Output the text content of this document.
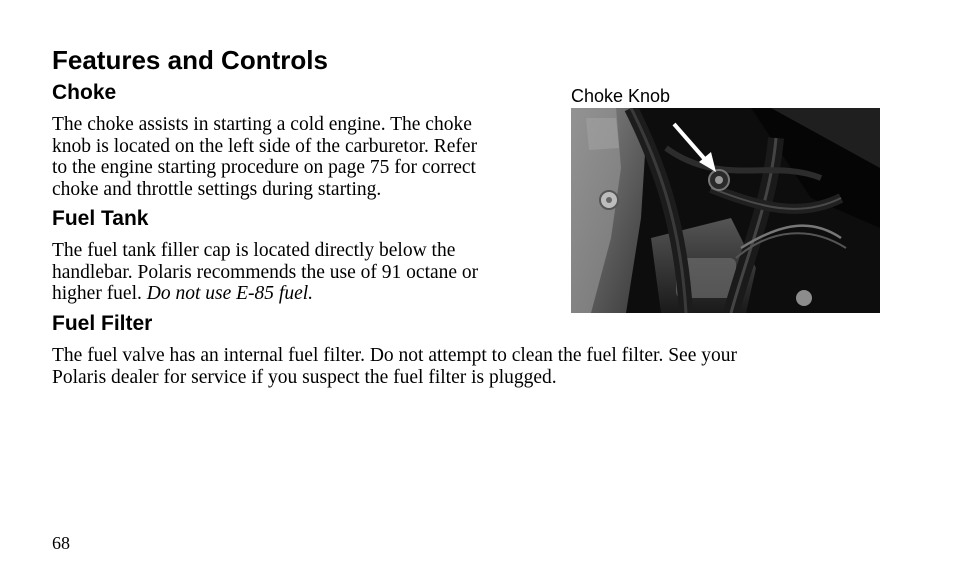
Features and Controls
Choke

The choke assists in starting a cold engine. The choke
knob is located on the left side of the carburetor. Refer
to the engine starting procedure on page 75 for correct
choke and throttle settings during starting.

Fuel Tank

The fuel tank filler cap is located directly below the
handlebar. Polaris recommends the use of 91 octane or
higher fuel. Do not use E-85 fuel.

Fuel Filter

The fuel valve has an internal fuel filter. Do not attempt to clean the fuel filter. See your
Polaris dealer for service if you suspect the fuel filter is plugged.

Choke Knob

68
